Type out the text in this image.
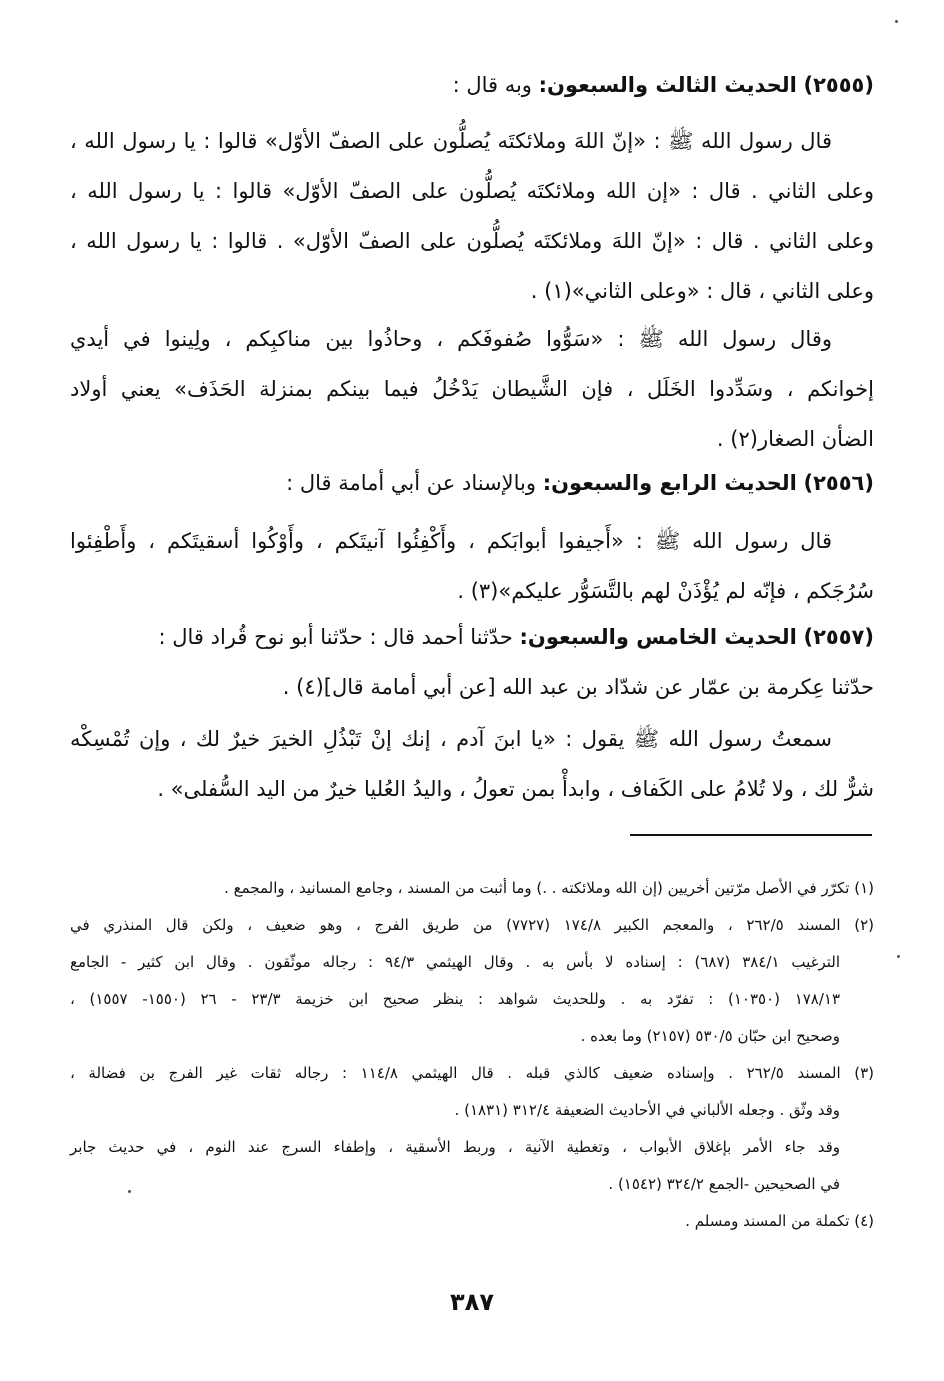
(٢٥٥٥) الحديث الثالث والسبعون: وبه قال :
قال رسول الله ﷺ : «إنّ اللهَ وملائكتَه يُصلُّون على الصفّ الأوّل» قالوا : يا رسول الله ،
وعلى الثاني . قال : «إن الله وملائكتَه يُصلُّون على الصفّ الأوّل» قالوا : يا رسول الله ،
وعلى الثاني . قال : «إنّ اللهَ وملائكتَه يُصلُّون على الصفّ الأوّل» . قالوا : يا رسول الله ،
وعلى الثاني ، قال : «وعلى الثاني»(١) .
وقال رسول الله ﷺ : «سَوُّوا صُفوفَكم ، وحاذُوا بين مناكبِكم ، ولِينوا في أيدي
إخوانكم ، وسَدِّدوا الخَلَل ، فإن الشَّيطان يَدْخُلُ فيما بينكم بمنزلة الحَذَف» يعني أولاد
الضأن الصغار(٢) .
(٢٥٥٦) الحديث الرابع والسبعون: وبالإسناد عن أبي أمامة قال :
قال رسول الله ﷺ : «أَجيفوا أبوابَكم ، وأَكْفِئُوا آنيتَكم ، وأَوْكُوا أسقيتَكم ، وأَطْفِئوا
سُرُجَكم ، فإنّه لم يُؤْذَنْ لهم بالتَّسَوُّر عليكم»(٣) .
(٢٥٥٧) الحديث الخامس والسبعون: حدّثنا أحمد قال : حدّثنا أبو نوح قُراد قال :
حدّثنا عِكرمة بن عمّار عن شدّاد بن عبد الله [عن أبي أمامة قال](٤) .
سمعتُ رسول الله ﷺ يقول : «يا ابنَ آدم ، إنك إنْ تَبْذُلِ الخيرَ خيرٌ لك ، وإن تُمْسِكْه
شرٌّ لك ، ولا تُلامُ على الكَفاف ، وابدأْ بمن تعولُ ، واليدُ العُليا خيرٌ من اليد السُّفلى» .
(١) تكرّر في الأصل مرّتين أخريين (إن الله وملائكته . .) وما أثبت من المسند ، وجامع المسانيد ، والمجمع .
(٢) المسند ٢٦٢/٥ ، والمعجم الكبير ١٧٤/٨ (٧٧٢٧) من طريق الفرج ، وهو ضعيف ، ولكن قال المنذري في
الترغيب ٣٨٤/١ (٦٨٧) : إسناده لا بأس به . وقال الهيثمي ٩٤/٣ : رجاله موثّقون . وقال ابن كثير - الجامع
١٧٨/١٣ (١٠٣٥٠) : تفرّد به . وللحديث شواهد : ينظر صحيح ابن خزيمة ٢٣/٣ - ٢٦ (١٥٥٠- ١٥٥٧) ،
وصحيح ابن حبّان ٥٣٠/٥ (٢١٥٧) وما بعده .
(٣) المسند ٢٦٢/٥ . وإسناده ضعيف كالذي قبله . قال الهيثمي ١١٤/٨ : رجاله ثقات غير الفرج بن فضالة ،
وقد وثّق . وجعله الألباني في الأحاديث الضعيفة ٣١٢/٤ (١٨٣١) .
وقد جاء الأمر بإغلاق الأبواب ، وتغطية الآنية ، وربط الأسقية ، وإطفاء السرج عند النوم ، في حديث جابر
في الصحيحين -الجمع ٣٢٤/٢ (١٥٤٢) .
(٤) تكملة من المسند ومسلم .
٣٨٧
